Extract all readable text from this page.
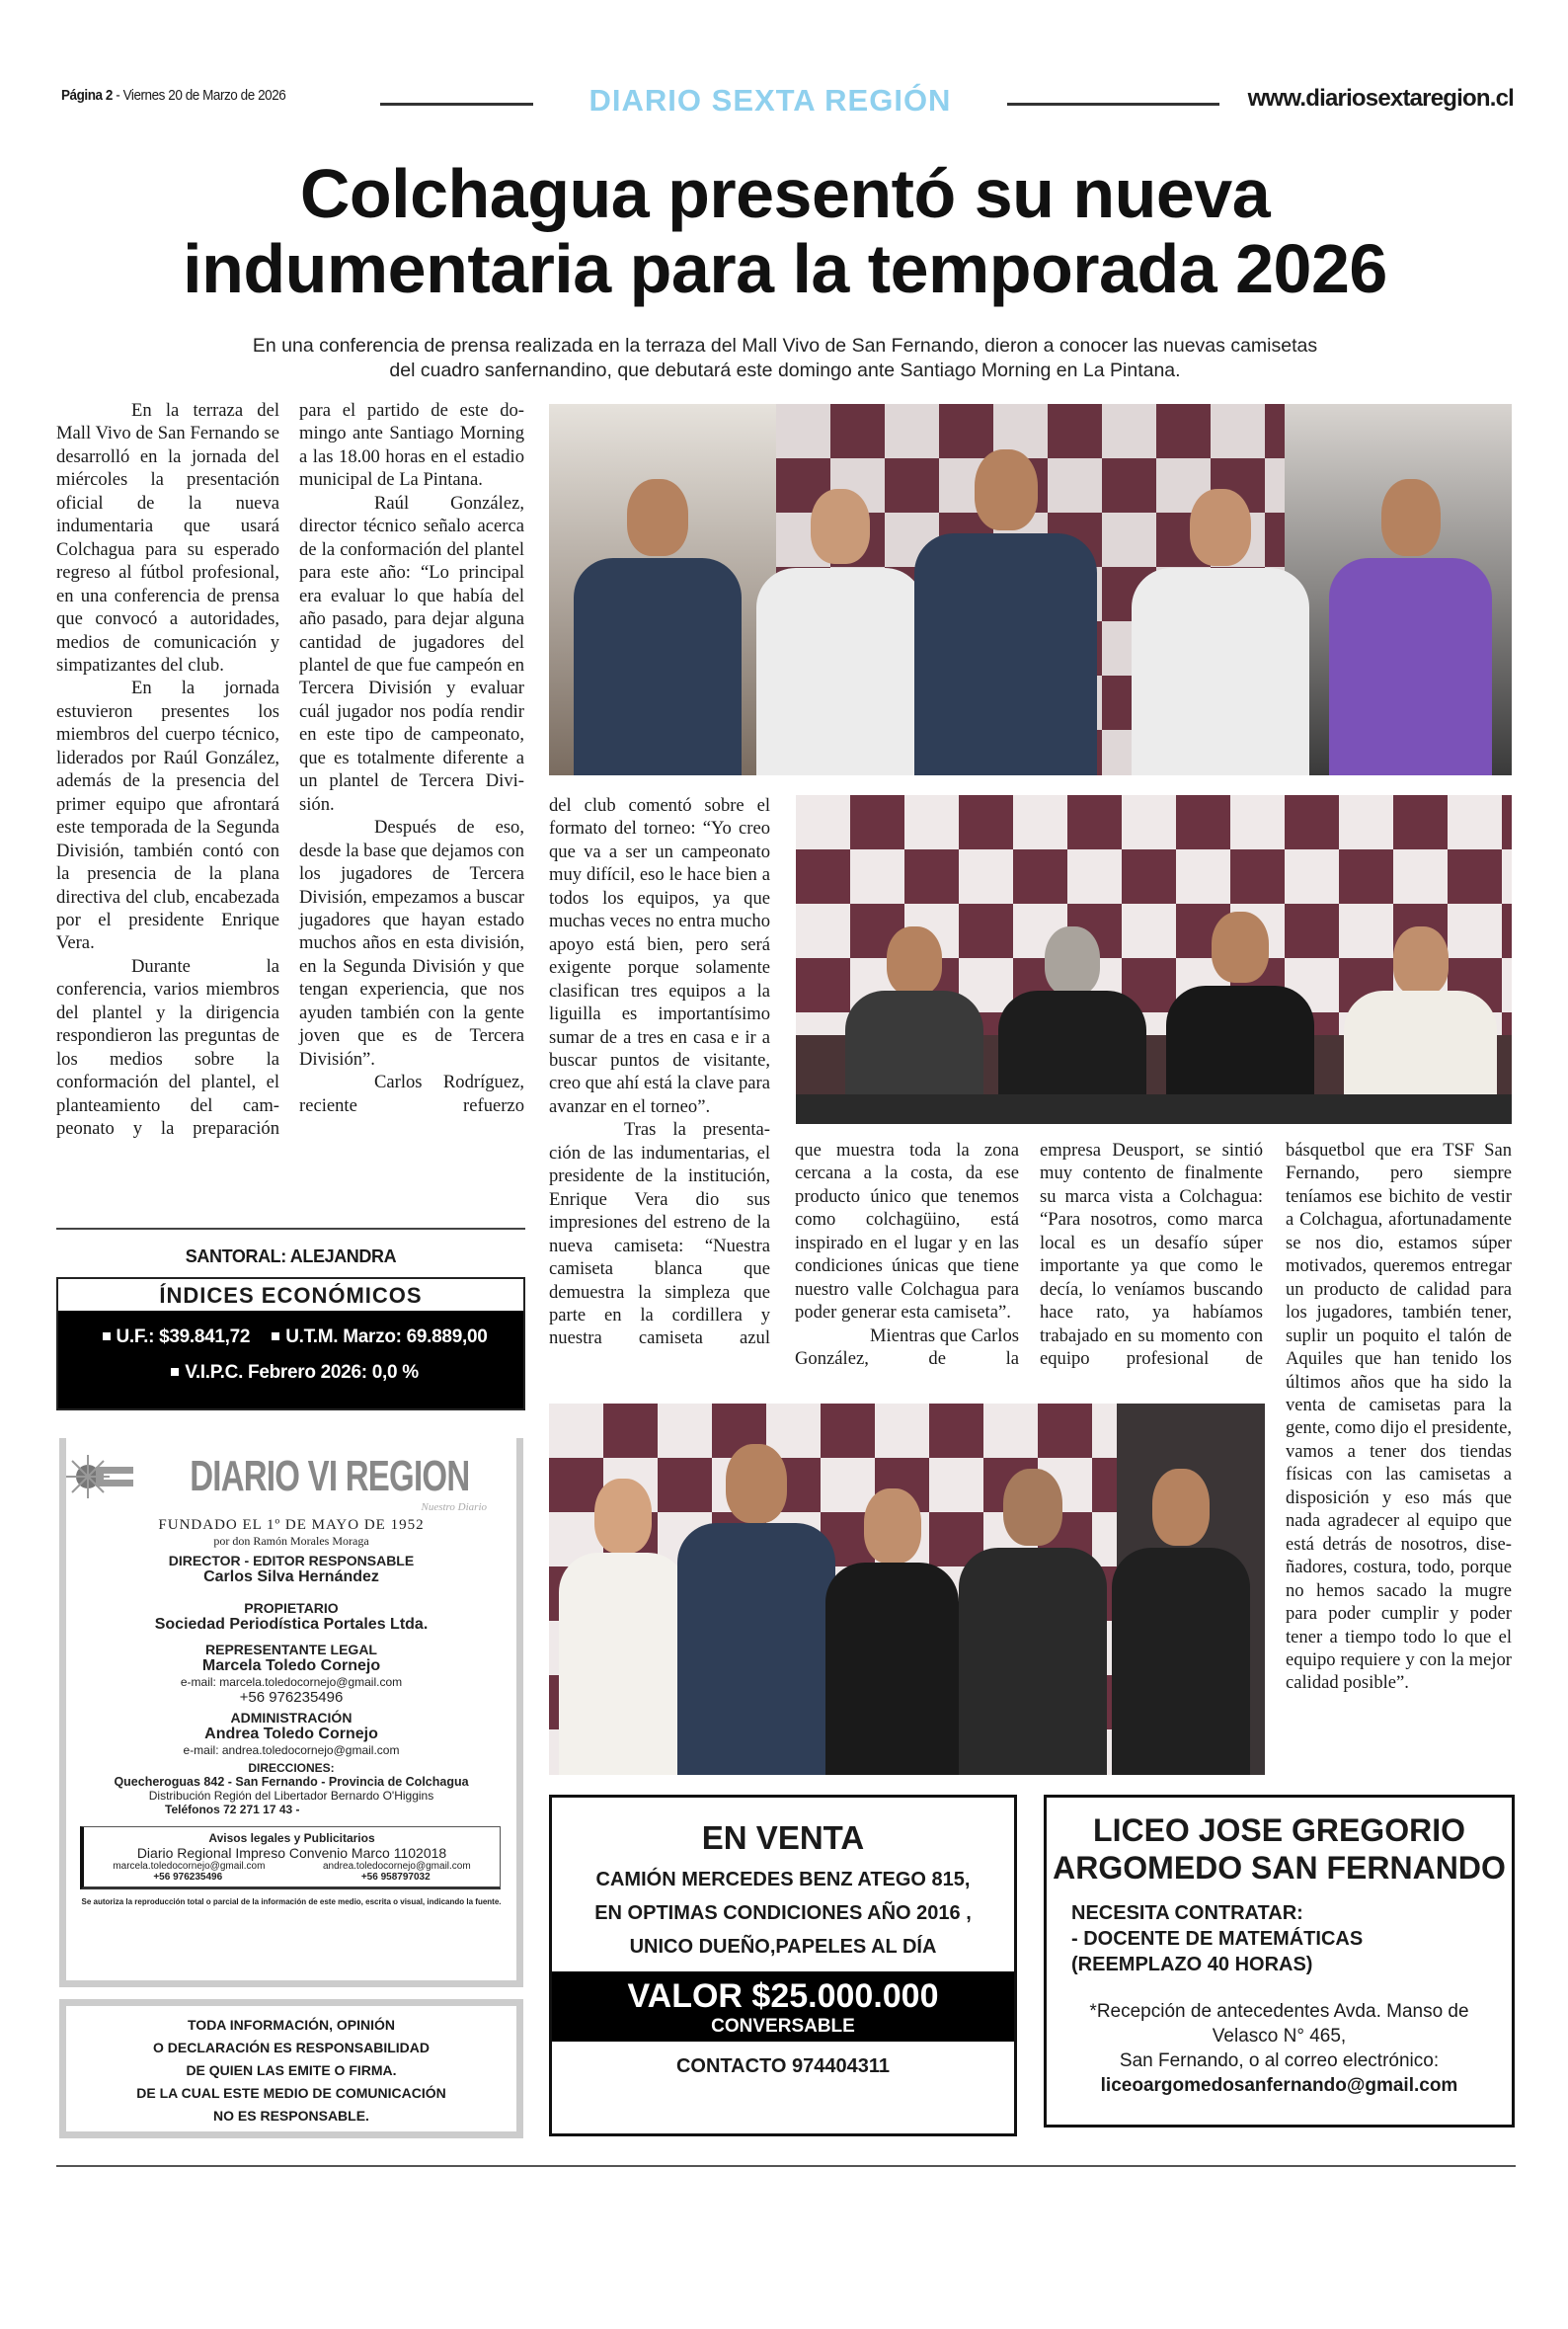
Página 2 - Viernes 20 de Marzo de 2026	DIARIO SEXTA REGIÓN	www.diariosextaregion.cl
Colchagua presentó su nueva
indumentaria para la temporada 2026
En una conferencia de prensa realizada en la terraza del Mall Vivo de San Fernando, dieron a conocer las nuevas camisetas
del cuadro sanfernandino, que debutará este domingo ante Santiago Morning en La Pintana.

En la terraza del Mall Vivo de San Fernando se desarrolló en la jornada del miércoles la presentación oficial de la nueva indumentaria que usará Colchagua para su esperado regreso al fútbol profesional, en una conferencia de prensa que convocó a autoridades, medios de comunicación y simpatizantes del club.

En la jornada estuvieron presentes los miembros del cuerpo técnico, liderados por Raúl González, además de la presencia del primer equipo que afrontará este temporada de la Segunda División, también contó con la presencia de la plana directiva del club, encabezada por el presidente Enrique Vera.

Durante la conferencia, varios miembros del plantel y la dirigencia respondieron las preguntas de los medios sobre la conformación del plantel, el planteamiento del campeonato y la preparación

para el partido de este domingo ante Santiago Morning a las 18.00 horas en el estadio municipal de La Pintana.

Raúl González, director técnico señalo acerca de la conformación del plantel para este año: “Lo principal era evaluar lo que había del año pasado, para dejar alguna cantidad de jugadores del plantel de que fue campeón en Tercera División y evaluar cuál jugador nos podía rendir en este tipo de campeonato, que es totalmente diferente a un plantel de Tercera División.

Después de eso, desde la base que dejamos con los jugadores de Tercera División, empezamos a buscar jugadores que hayan estado muchos años en esta división, en la Segunda División y que tengan experiencia, que nos ayuden también con la gente joven que es de Tercera División”.

Carlos Rodríguez, reciente refuerzo

del club comentó sobre el formato del torneo: “Yo creo que va a ser un campeonato muy difícil, eso le hace bien a todos los equipos, ya que muchas veces no entra mucho apoyo está bien, pero será exigente porque solamente clasifican tres equipos a la liguilla es importantísimo sumar de a tres en casa e ir a buscar puntos de visitante, creo que ahí está la clave para avanzar en el torneo”.

Tras la presentación de las indumentarias, el presidente de la institución, Enrique Vera dio sus impresiones del estreno de la nueva camiseta: “Nuestra camiseta blanca que demuestra la simpleza que parte en la cordillera y nuestra camiseta azul

que muestra toda la zona cercana a la costa, da ese producto único que tenemos como colchagüino, está inspirado en el lugar y en las condiciones únicas que tiene nuestro valle Colchagua para poder generar esta camiseta”.

Mientras que Carlos González, de la

empresa Deusport, se sintió muy contento de finalmente su marca vista a Colchagua: “Para nosotros, como marca local es un desafío súper importante ya que como le decía, lo veníamos buscando hace rato, ya habíamos trabajado en su momento con equipo profesional de

básquetbol que era TSF San Fernando, pero siempre teníamos ese bichito de vestir a Colchagua, afortunadamente se nos dio, estamos súper motivados, queremos entregar un producto de calidad para los jugadores, también tener, suplir un poquito el talón de Aquiles que han tenido los últimos años que ha sido la venta de camisetas para la gente, como dijo el presidente, vamos a tener dos tiendas físicas con las camisetas a disposición y eso más que nada agradecer al equipo que está detrás de nosotros, diseñadores, costura, todo, porque no hemos sacado la mugre para poder cumplir y poder tener a tiempo todo lo que el equipo requiere y con la mejor calidad posible”.

SANTORAL: ALEJANDRA
ÍNDICES ECONÓMICOS
U.F.: $39.841,72 U.T.M. Marzo: 69.889,00
V.I.P.C. Febrero 2026: 0,0 %
DIARIO VI REGION
Nuestro Diario
FUNDADO EL 1º DE MAYO DE 1952
por don Ramón Morales Moraga
DIRECTOR - EDITOR RESPONSABLE
Carlos Silva Hernández
PROPIETARIO
Sociedad Periodística Portales Ltda.
REPRESENTANTE LEGAL
Marcela Toledo Cornejo
e-mail: marcela.toledocornejo@gmail.com
+56 976235496
ADMINISTRACIÓN
Andrea Toledo Cornejo
e-mail: andrea.toledocornejo@gmail.com
DIRECCIONES:
Quecheroguas 842 - San Fernando - Provincia de Colchagua
Distribución Región del Libertador Bernardo O'Higgins
Teléfonos 72 271 17 43 -
Avisos legales y Publicitarios
Diario Regional Impreso Convenio Marco 1102018
marcela.toledocornejo@gmail.com	andrea.toledocornejo@gmail.com
+56 976235496	+56 958797032
Se autoriza la reproducción total o parcial de la información de este medio, escrita o visual, indicando la fuente.
TODA INFORMACIÓN, OPINIÓN
O DECLARACIÓN ES RESPONSABILIDAD
DE QUIEN LAS EMITE O FIRMA.
DE LA CUAL ESTE MEDIO DE COMUNICACIÓN
NO ES RESPONSABLE.
EN VENTA
CAMIÓN MERCEDES BENZ ATEGO 815,
EN OPTIMAS CONDICIONES AÑO 2016 ,
UNICO DUEÑO,PAPELES AL DÍA
VALOR $25.000.000
CONVERSABLE
CONTACTO 974404311
LICEO JOSE GREGORIO
ARGOMEDO SAN FERNANDO
NECESITA CONTRATAR:
- DOCENTE DE MATEMÁTICAS
(REEMPLAZO 40 HORAS)
*Recepción de antecedentes Avda. Manso de
Velasco N° 465,
San Fernando, o al correo electrónico:
liceoargomedosanfernando@gmail.com
